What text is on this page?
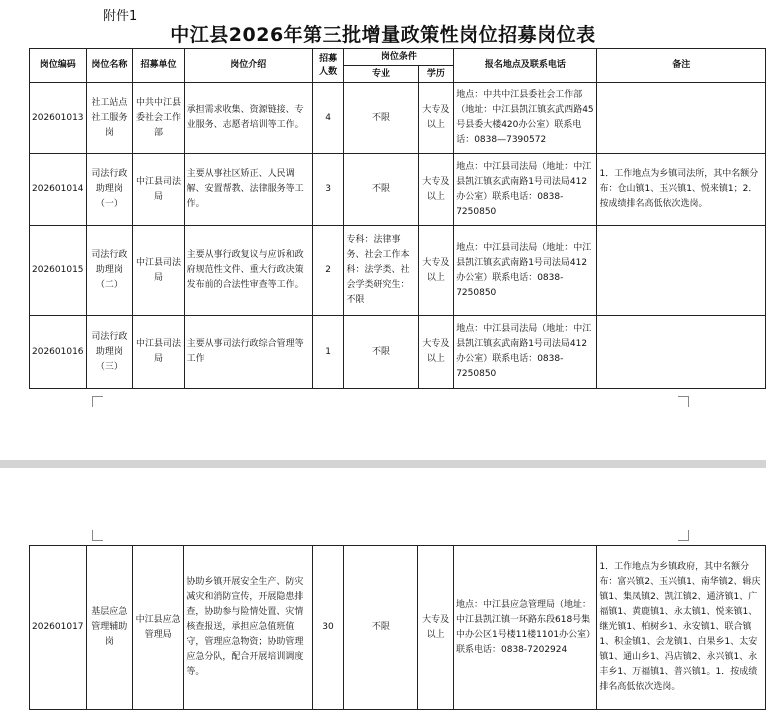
附件1
中江县2026年第三批增量政策性岗位招募岗位表
岗位编码	岗位名称	招募单位	岗位介绍	招募人数	岗位条件		报名地点及联系电话	备注
					专业	学历		
202601013	社工站点社工服务岗	中共中江县委社会工作部	承担需求收集、资源链接、专业服务、志愿者培训等工作。	4	不限	大专及以上	地点：中共中江县委社会工作部（地址：中江县凯江镇玄武西路45号县委大楼420办公室）联系电话：0838—7390572	
202601014	司法行政助理岗（一）	中江县司法局	主要从事社区矫正、人民调解、安置帮教、法律服务等工作。	3	不限	大专及以上	地点：中江县司法局（地址：中江县凯江镇玄武南路1号司法局412办公室）联系电话：0838-7250850	1．工作地点为乡镇司法所，其中名额分布：仓山镇1、玉兴镇1、悦来镇1；2．按成绩排名高低依次选岗。
202601015	司法行政助理岗（二）	中江县司法局	主要从事行政复议与应诉和政府规范性文件、重大行政决策发布前的合法性审查等工作。	2	专科：法律事务、社会工作本科：法学类、社会学类研究生：不限	大专及以上	地点：中江县司法局（地址：中江县凯江镇玄武南路1号司法局412办公室）联系电话：0838-7250850	
202601016	司法行政助理岗（三）	中江县司法局	主要从事司法行政综合管理等工作	1	不限	大专及以上	地点：中江县司法局（地址：中江县凯江镇玄武南路1号司法局412办公室）联系电话：0838-7250850	
202601017	基层应急管理辅助岗	中江县应急管理局	协助乡镇开展安全生产、防灾减灾和消防宣传，开展隐患排查，协助参与险情处置、灾情核查报送，承担应急值班值守，管理应急物资；协助管理应急分队，配合开展培训调度等。	30	不限	大专及以上	地点：中江县应急管理局（地址：中江县凯江镇一环路东段618号集中办公区1号楼11楼1101办公室）联系电话：0838-7202924	1．工作地点为乡镇政府，其中名额分布：富兴镇2、玉兴镇1、南华镇2、辑庆镇1、集凤镇2、凯江镇2、通济镇1、广福镇1、黄鹿镇1、永太镇1、悦来镇1、继光镇1、柏树乡1、永安镇1、联合镇1、积金镇1、会龙镇1、白果乡1、太安镇1、通山乡1、冯店镇2、永兴镇1、永丰乡1、万福镇1、普兴镇1。1．按成绩排名高低依次选岗。
